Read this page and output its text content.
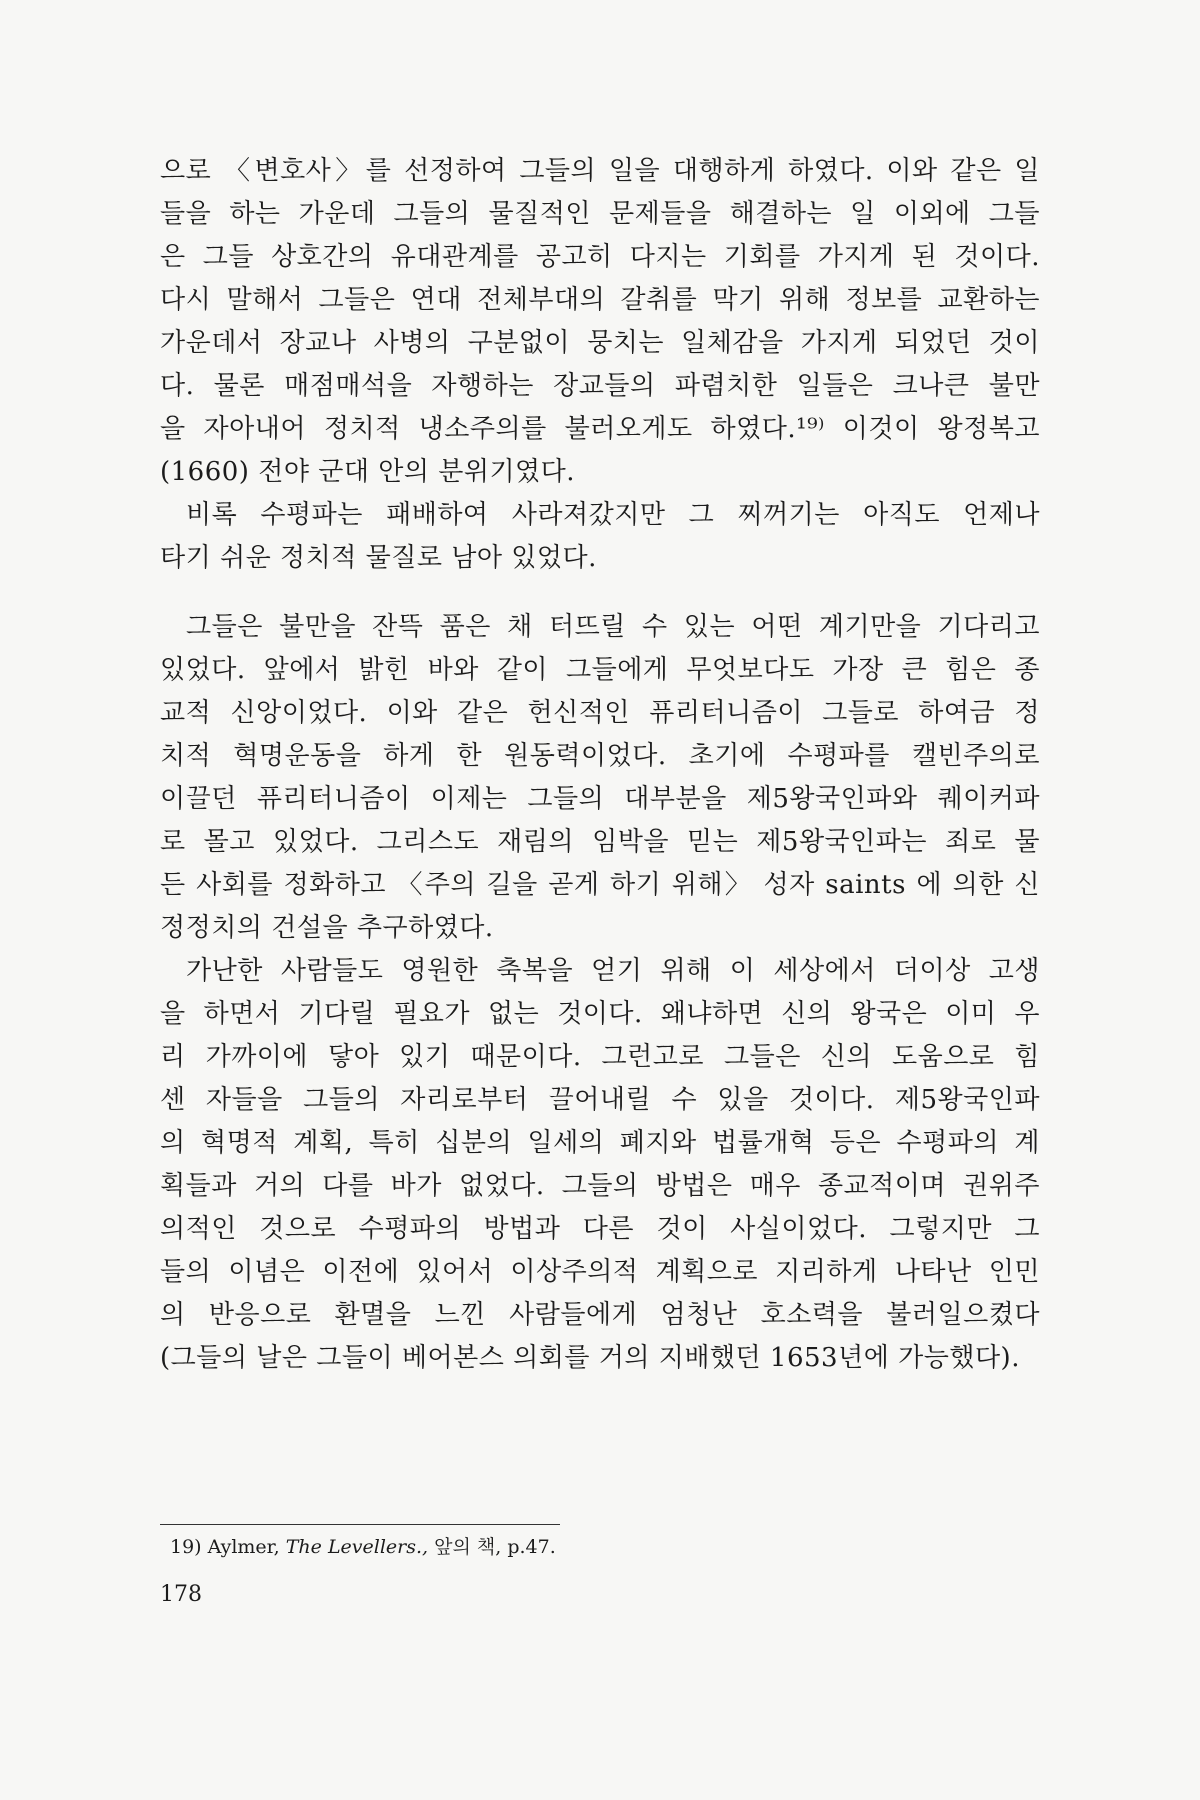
으로 〈변호사〉를 선정하여 그들의 일을 대행하게 하였다. 이와 같은 일
들을 하는 가운데 그들의 물질적인 문제들을 해결하는 일 이외에 그들
은 그들 상호간의 유대관계를 공고히 다지는 기회를 가지게 된 것이다.
다시 말해서 그들은 연대 전체부대의 갈취를 막기 위해 정보를 교환하는
가운데서 장교나 사병의 구분없이 뭉치는 일체감을 가지게 되었던 것이
다. 물론 매점매석을 자행하는 장교들의 파렴치한 일들은 크나큰 불만
을 자아내어 정치적 냉소주의를 불러오게도 하였다.¹⁹⁾ 이것이 왕정복고
(1660) 전야 군대 안의 분위기였다.
비록 수평파는 패배하여 사라져갔지만 그 찌꺼기는 아직도 언제나
타기 쉬운 정치적 물질로 남아 있었다.
그들은 불만을 잔뜩 품은 채 터뜨릴 수 있는 어떤 계기만을 기다리고
있었다. 앞에서 밝힌 바와 같이 그들에게 무엇보다도 가장 큰 힘은 종
교적 신앙이었다. 이와 같은 헌신적인 퓨리터니즘이 그들로 하여금 정
치적 혁명운동을 하게 한 원동력이었다. 초기에 수평파를 캘빈주의로
이끌던 퓨리터니즘이 이제는 그들의 대부분을 제5왕국인파와 퀘이커파
로 몰고 있었다. 그리스도 재림의 임박을 믿는 제5왕국인파는 죄로 물
든 사회를 정화하고 〈주의 길을 곧게 하기 위해〉 성자 saints 에 의한 신
정정치의 건설을 추구하였다.
가난한 사람들도 영원한 축복을 얻기 위해 이 세상에서 더이상 고생
을 하면서 기다릴 필요가 없는 것이다. 왜냐하면 신의 왕국은 이미 우
리 가까이에 닿아 있기 때문이다. 그런고로 그들은 신의 도움으로 힘
센 자들을 그들의 자리로부터 끌어내릴 수 있을 것이다. 제5왕국인파
의 혁명적 계획, 특히 십분의 일세의 폐지와 법률개혁 등은 수평파의 계
획들과 거의 다를 바가 없었다. 그들의 방법은 매우 종교적이며 권위주
의적인 것으로 수평파의 방법과 다른 것이 사실이었다. 그렇지만 그
들의 이념은 이전에 있어서 이상주의적 계획으로 지리하게 나타난 인민
의 반응으로 환멸을 느낀 사람들에게 엄청난 호소력을 불러일으켰다
(그들의 날은 그들이 베어본스 의회를 거의 지배했던 1653년에 가능했다).
19) Aylmer, The Levellers., 앞의 책, p.47.
178
